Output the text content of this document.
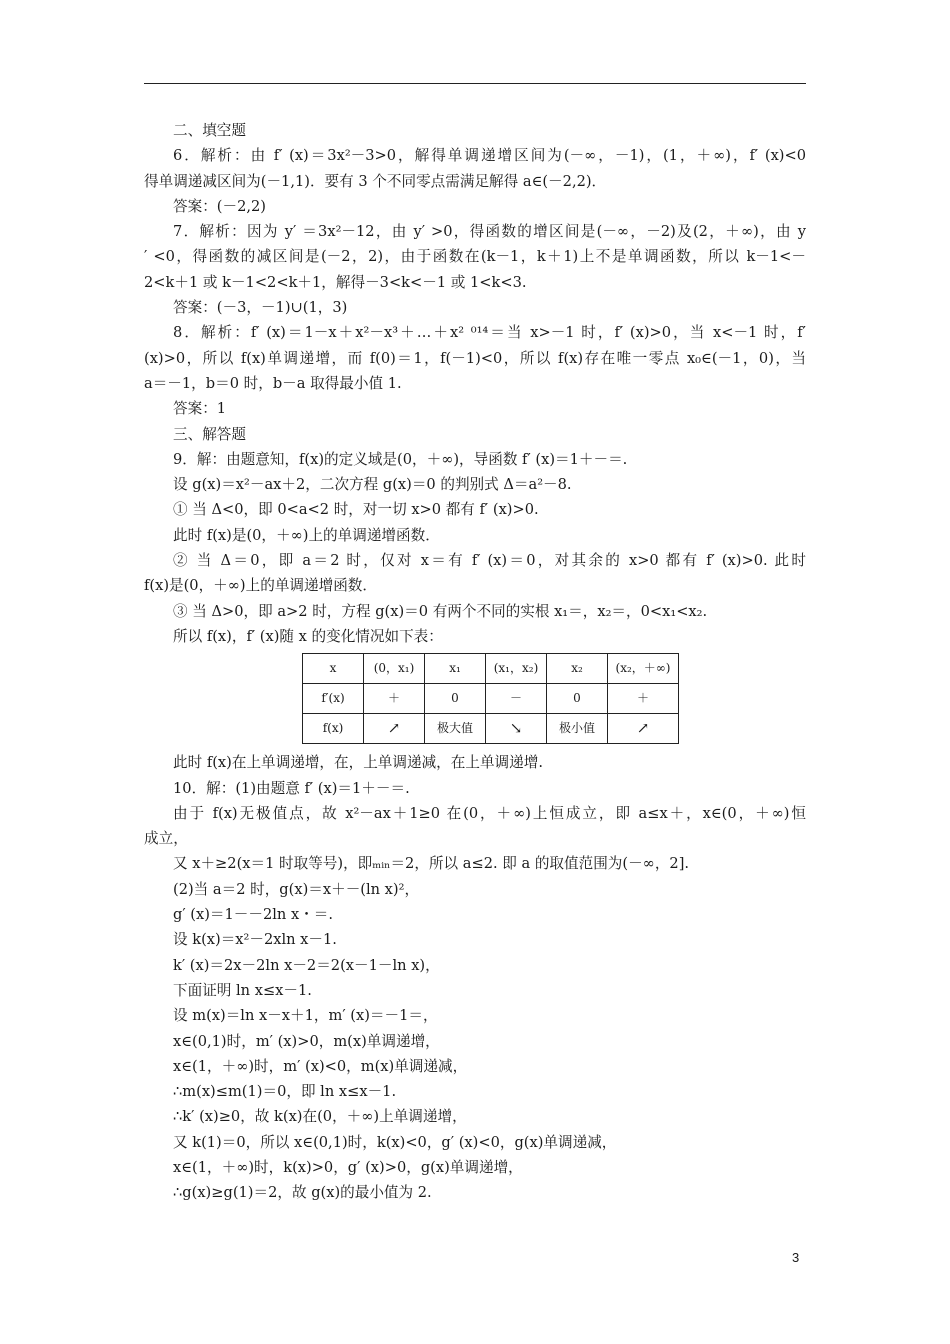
二、填空题
6．解析：由 f′ (x)＝3x²－3>0，解得单调递增区间为(－∞，－1)，(1，＋∞)，f′ (x)<0
得单调递减区间为(－1,1)．要有 3 个不同零点需满足解得 a∈(－2,2)．
答案：(－2,2)
7．解析：因为 y′ ＝3x²－12，由 y′ >0，得函数的增区间是(－∞，－2)及(2，＋∞)，由 y
′ <0，得函数的减区间是(－2，2)，由于函数在(k－1，k＋1)上不是单调函数，所以 k－1<－
2<k＋1 或 k－1<2<k＋1，解得－3<k<－1 或 1<k<3.
答案：(－3，－1)∪(1，3)
8．解析：f′ (x)＝1－x＋x²－x³＋…＋x² ⁰¹⁴＝当 x>－1 时，f′ (x)>0，当 x<－1 时，f′
(x)>0，所以 f(x)单调递增，而 f(0)＝1，f(－1)<0，所以 f(x)存在唯一零点 x₀∈(－1，0)，当
a＝－1，b＝0 时，b－a 取得最小值 1.
答案：1
三、解答题
9．解：由题意知，f(x)的定义域是(0，＋∞)，导函数 f′ (x)＝1＋－＝.
设 g(x)＝x²－ax＋2，二次方程 g(x)＝0 的判别式 Δ＝a²－8.
① 当 Δ<0，即 0<a<2 时，对一切 x>0 都有 f′ (x)>0.
此时 f(x)是(0，＋∞)上的单调递增函数．
② 当 Δ＝0，即 a＝2 时，仅对 x＝有 f′ (x)＝0，对其余的 x>0 都有 f′ (x)>0. 此时
f(x)是(0，＋∞)上的单调递增函数．
③ 当 Δ>0，即 a>2 时，方程 g(x)＝0 有两个不同的实根 x₁＝，x₂＝，0<x₁<x₂.
所以 f(x)，f′ (x)随 x 的变化情况如下表：
x	(0，x₁)	x₁	(x₁，x₂)	x₂	(x₂，＋∞)
f′(x)	＋	0	－	0	＋
f(x)	↗	极大值	↘	极小值	↗
此时 f(x)在上单调递增，在，上单调递减，在上单调递增.
10．解：(1)由题意 f′ (x)＝1＋－＝.
由于 f(x)无极值点，故 x²－ax＋1≥0 在(0，＋∞)上恒成立，即 a≤x＋，x∈(0，＋∞)恒
成立，
又 x＋≥2(x＝1 时取等号)，即ₘᵢₙ＝2，所以 a≤2. 即 a 的取值范围为(－∞，2].
(2)当 a＝2 时，g(x)＝x＋－(ln x)²，
g′ (x)＝1－－2ln x・＝.
设 k(x)＝x²－2xln x－1.
k′ (x)＝2x－2ln x－2＝2(x－1－ln x)，
下面证明 ln x≤x－1.
设 m(x)＝ln x－x＋1，m′ (x)＝－1＝，
x∈(0,1)时，m′ (x)>0，m(x)单调递增，
x∈(1，＋∞)时，m′ (x)<0，m(x)单调递减，
∴m(x)≤m(1)＝0，即 ln x≤x－1.
∴k′ (x)≥0，故 k(x)在(0，＋∞)上单调递增，
又 k(1)＝0，所以 x∈(0,1)时，k(x)<0，g′ (x)<0，g(x)单调递减，
x∈(1，＋∞)时，k(x)>0，g′ (x)>0，g(x)单调递增，
∴g(x)≥g(1)＝2，故 g(x)的最小值为 2.
3
